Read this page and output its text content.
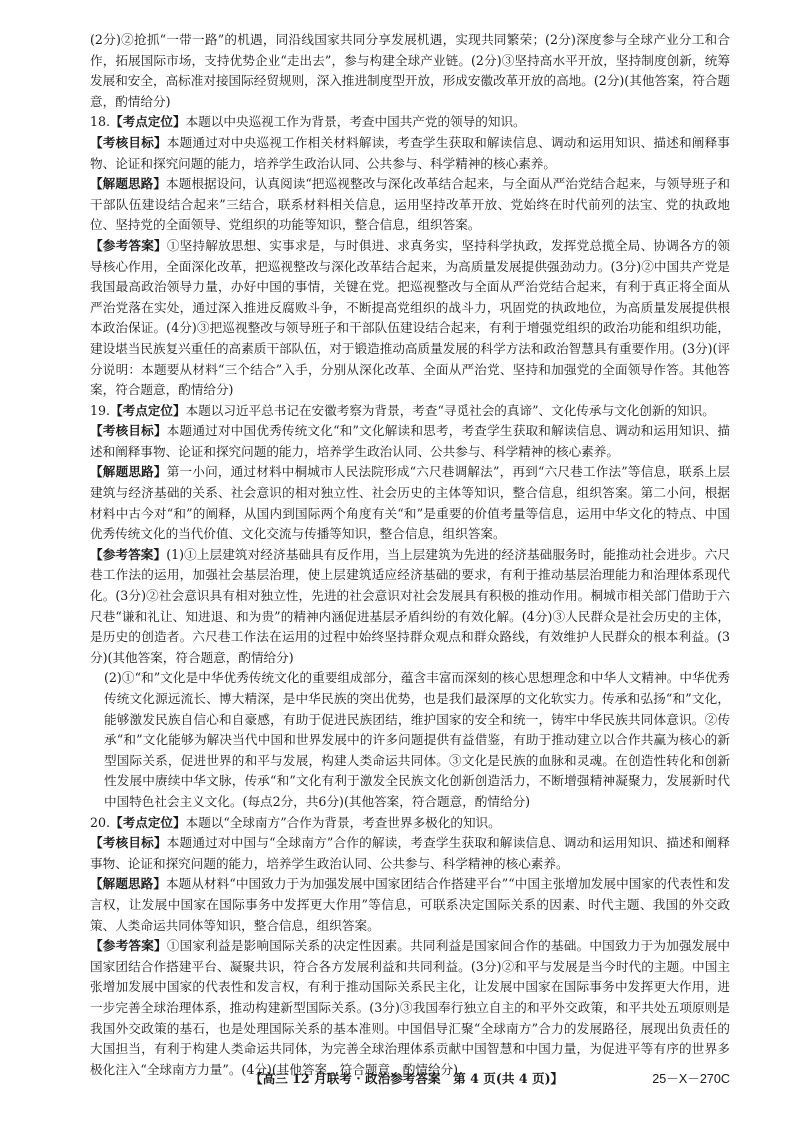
(2分)②抢抓“一带一路”的机遇，同沿线国家共同分享发展机遇，实现共同繁荣；(2分)深度参与全球产业分工和合作，拓展国际市场，支持优势企业“走出去”，参与构建全球产业链。(2分)③坚持高水平开放，坚持制度创新，统筹发展和安全，高标准对接国际经贸规则，深入推进制度型开放，形成安徽改革开放的高地。(2分)(其他答案，符合题意，酌情给分)

18.【考点定位】本题以中央巡视工作为背景，考查中国共产党的领导的知识。

【考核目标】本题通过对中央巡视工作相关材料解读，考查学生获取和解读信息、调动和运用知识、描述和阐释事物、论证和探究问题的能力，培养学生政治认同、公共参与、科学精神的核心素养。

【解题思路】本题根据设问，认真阅读“把巡视整改与深化改革结合起来，与全面从严治党结合起来，与领导班子和干部队伍建设结合起来”三结合，联系材料相关信息，运用坚持改革开放、党始终在时代前列的法宝、党的执政地位、坚持党的全面领导、党组织的功能等知识，整合信息，组织答案。

【参考答案】①坚持解放思想、实事求是，与时俱进、求真务实，坚持科学执政，发挥党总揽全局、协调各方的领导核心作用，全面深化改革，把巡视整改与深化改革结合起来，为高质量发展提供强劲动力。(3分)②中国共产党是我国最高政治领导力量，办好中国的事情，关键在党。把巡视整改与全面从严治党结合起来，有利于真正将全面从严治党落在实处，通过深入推进反腐败斗争，不断提高党组织的战斗力，巩固党的执政地位，为高质量发展提供根本政治保证。(4分)③把巡视整改与领导班子和干部队伍建设结合起来，有利于增强党组织的政治功能和组织功能，建设堪当民族复兴重任的高素质干部队伍，对于锻造推动高质量发展的科学方法和政治智慧具有重要作用。(3分)(评分说明：本题要从材料“三个结合”入手，分别从深化改革、全面从严治党、坚持和加强党的全面领导作答。其他答案，符合题意，酌情给分)

19.【考点定位】本题以习近平总书记在安徽考察为背景，考查“寻觅社会的真谛”、文化传承与文化创新的知识。

【考核目标】本题通过对中国优秀传统文化“和”文化解读和思考，考查学生获取和解读信息、调动和运用知识、描述和阐释事物、论证和探究问题的能力，培养学生政治认同、公共参与、科学精神的核心素养。

【解题思路】第一小问，通过材料中桐城市人民法院形成“六尺巷调解法”，再到“六尺巷工作法”等信息，联系上层建筑与经济基础的关系、社会意识的相对独立性、社会历史的主体等知识，整合信息，组织答案。第二小问，根据材料中古今对“和”的阐释，从国内到国际两个角度有关“和”是重要的价值考量等信息，运用中华文化的特点、中国优秀传统文化的当代价值、文化交流与传播等知识，整合信息，组织答案。

【参考答案】(1)①上层建筑对经济基础具有反作用，当上层建筑为先进的经济基础服务时，能推动社会进步。六尺巷工作法的运用，加强社会基层治理，使上层建筑适应经济基础的要求，有利于推动基层治理能力和治理体系现代化。(3分)②社会意识具有相对独立性，先进的社会意识对社会发展具有积极的推动作用。桐城市相关部门借助于六尺巷“谦和礼让、知进退、和为贵”的精神内涵促进基层矛盾纠纷的有效化解。(4分)③人民群众是社会历史的主体，是历史的创造者。六尺巷工作法在运用的过程中始终坚持群众观点和群众路线，有效维护人民群众的根本利益。(3分)(其他答案，符合题意，酌情给分)

(2)①“和”文化是中华优秀传统文化的重要组成部分，蕴含丰富而深刻的核心思想理念和中华人文精神。中华优秀传统文化源远流长、博大精深，是中华民族的突出优势，也是我们最深厚的文化软实力。传承和弘扬“和”文化，能够激发民族自信心和自豪感，有助于促进民族团结，维护国家的安全和统一，铸牢中华民族共同体意识。②传承“和”文化能够为解决当代中国和世界发展中的许多问题提供有益借鉴，有助于推动建立以合作共赢为核心的新型国际关系，促进世界的和平与发展，构建人类命运共同体。③文化是民族的血脉和灵魂。在创造性转化和创新性发展中赓续中华文脉，传承“和”文化有利于激发全民族文化创新创造活力，不断增强精神凝聚力，发展新时代中国特色社会主义文化。(每点2分，共6分)(其他答案，符合题意，酌情给分)

20.【考点定位】本题以“全球南方”合作为背景，考查世界多极化的知识。

【考核目标】本题通过对中国与“全球南方”合作的解读，考查学生获取和解读信息、调动和运用知识、描述和阐释事物、论证和探究问题的能力，培养学生政治认同、公共参与、科学精神的核心素养。

【解题思路】本题从材料“中国致力于为加强发展中国家团结合作搭建平台”“中国主张增加发展中国家的代表性和发言权，让发展中国家在国际事务中发挥更大作用”等信息，可联系决定国际关系的因素、时代主题、我国的外交政策、人类命运共同体等知识，整合信息，组织答案。

【参考答案】①国家利益是影响国际关系的决定性因素。共同利益是国家间合作的基础。中国致力于为加强发展中国家团结合作搭建平台、凝聚共识，符合各方发展利益和共同利益。(3分)②和平与发展是当今时代的主题。中国主张增加发展中国家的代表性和发言权，有利于推动国际关系民主化，让发展中国家在国际事务中发挥更大作用，进一步完善全球治理体系，推动构建新型国际关系。(3分)③我国奉行独立自主的和平外交政策，和平共处五项原则是我国外交政策的基石，也是处理国际关系的基本准则。中国倡导汇聚“全球南方”合力的发展路径，展现出负责任的大国担当，有利于构建人类命运共同体，为完善全球治理体系贡献中国智慧和中国力量，为促进平等有序的世界多极化注入“全球南方力量”。(4分)(其他答案，符合题意，酌情给分)

【高三 12 月联考 · 政治参考答案　第 4 页(共 4 页)】	25－X－270C
